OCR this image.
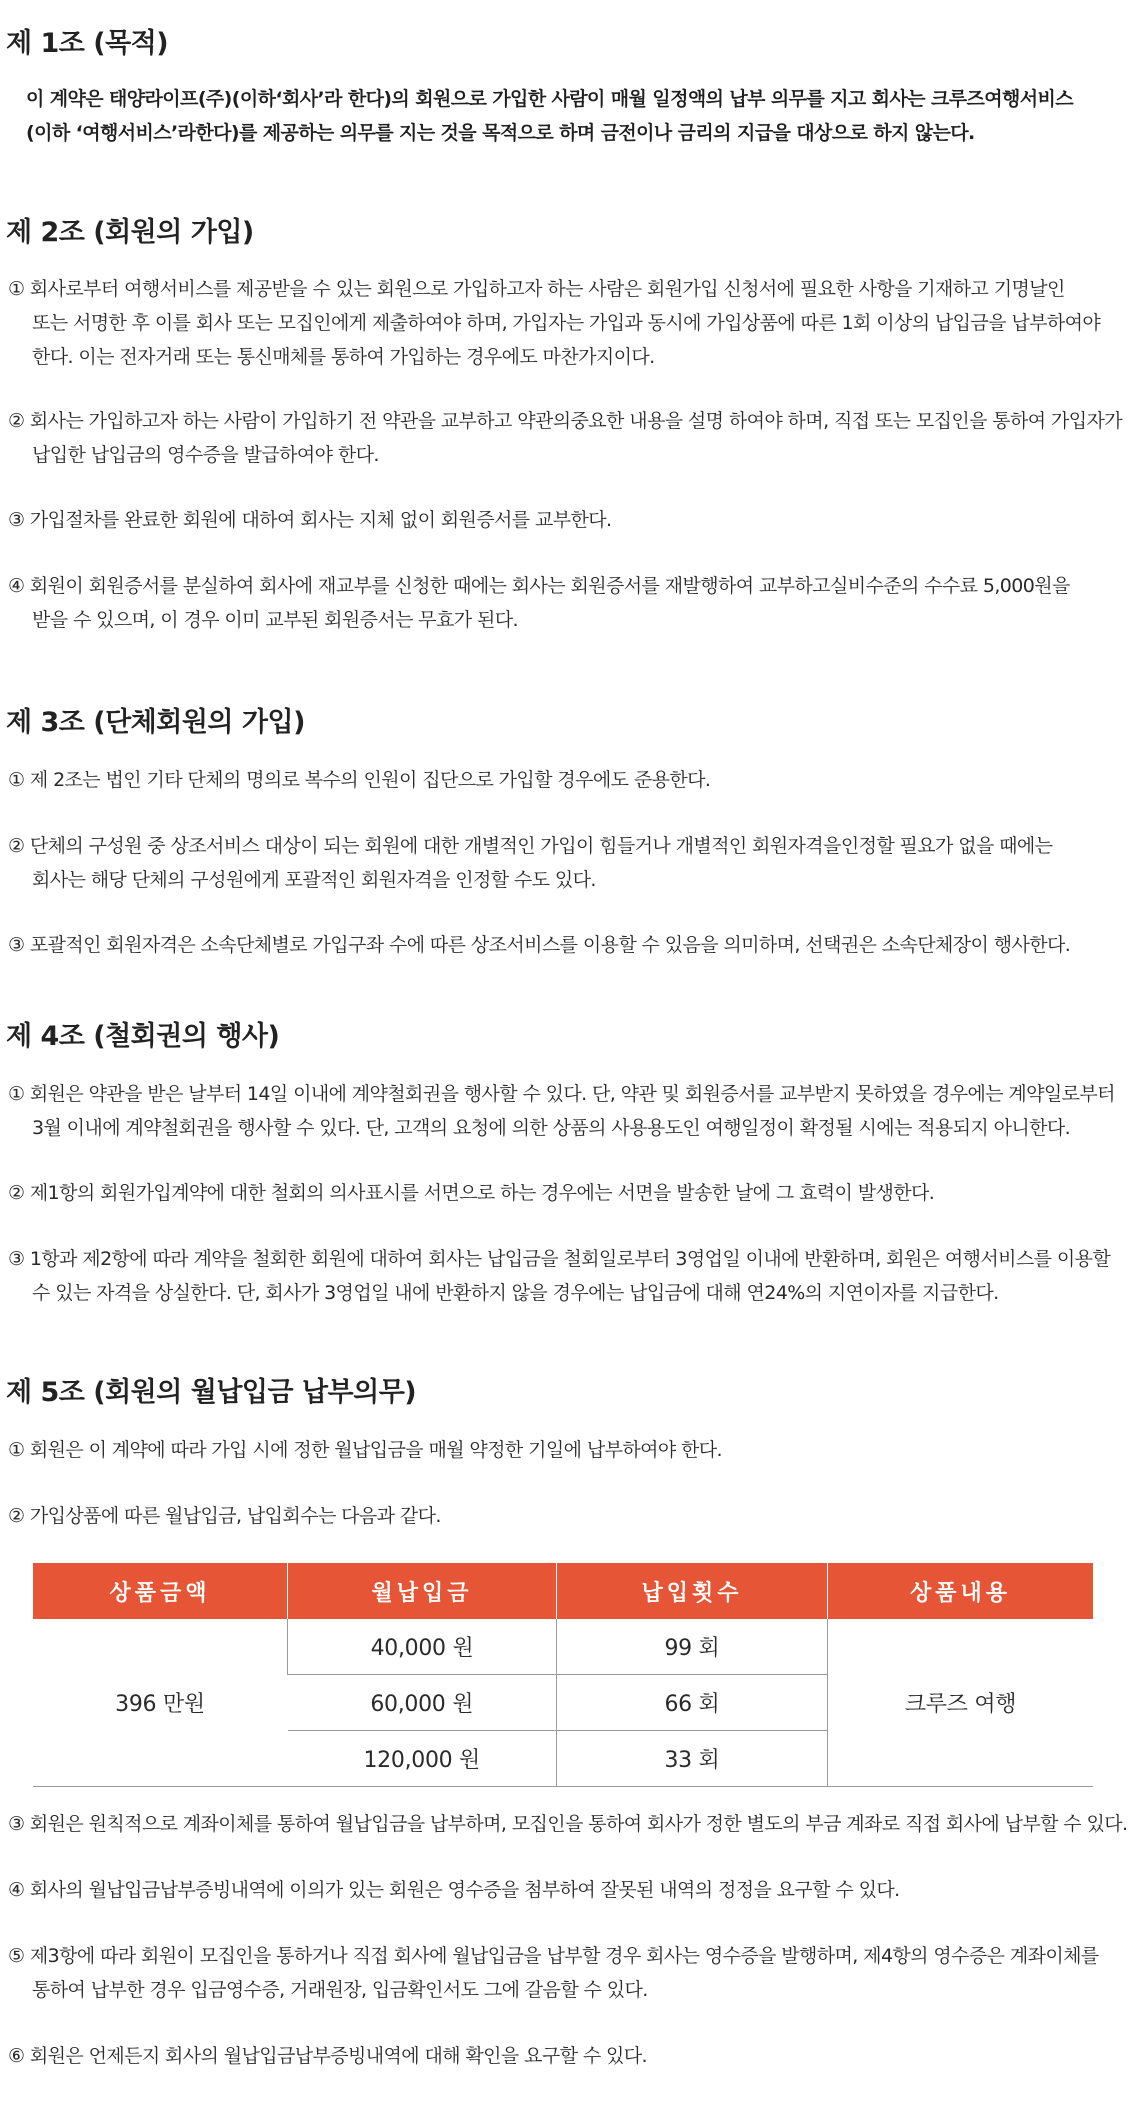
제 1조 (목적)
이 계약은 태양라이프(주)(이하‘회사’라 한다)의 회원으로 가입한 사람이 매월 일정액의 납부 의무를 지고 회사는 크루즈여행서비스
(이하 ‘여행서비스’라한다)를 제공하는 의무를 지는 것을 목적으로 하며 금전이나 금리의 지급을 대상으로 하지 않는다.
제 2조 (회원의 가입)
① 회사로부터 여행서비스를 제공받을 수 있는 회원으로 가입하고자 하는 사람은 회원가입 신청서에 필요한 사항을 기재하고 기명날인
또는 서명한 후 이를 회사 또는 모집인에게 제출하여야 하며, 가입자는 가입과 동시에 가입상품에 따른 1회 이상의 납입금을 납부하여야
한다. 이는 전자거래 또는 통신매체를 통하여 가입하는 경우에도 마찬가지이다.
② 회사는 가입하고자 하는 사람이 가입하기 전 약관을 교부하고 약관의중요한 내용을 설명 하여야 하며, 직접 또는 모집인을 통하여 가입자가
납입한 납입금의 영수증을 발급하여야 한다.
③ 가입절차를 완료한 회원에 대하여 회사는 지체 없이 회원증서를 교부한다.
④ 회원이 회원증서를 분실하여 회사에 재교부를 신청한 때에는 회사는 회원증서를 재발행하여 교부하고실비수준의 수수료 5,000원을
받을 수 있으며, 이 경우 이미 교부된 회원증서는 무효가 된다.
제 3조 (단체회원의 가입)
① 제 2조는 법인 기타 단체의 명의로 복수의 인원이 집단으로 가입할 경우에도 준용한다.
② 단체의 구성원 중 상조서비스 대상이 되는 회원에 대한 개별적인 가입이 힘들거나 개별적인 회원자격을인정할 필요가 없을 때에는
회사는 해당 단체의 구성원에게 포괄적인 회원자격을 인정할 수도 있다.
③ 포괄적인 회원자격은 소속단체별로 가입구좌 수에 따른 상조서비스를 이용할 수 있음을 의미하며, 선택권은 소속단체장이 행사한다.
제 4조 (철회권의 행사)
① 회원은 약관을 받은 날부터 14일 이내에 계약철회권을 행사할 수 있다. 단, 약관 및 회원증서를 교부받지 못하였을 경우에는 계약일로부터
3월 이내에 계약철회권을 행사할 수 있다. 단, 고객의 요청에 의한 상품의 사용용도인 여행일정이 확정될 시에는 적용되지 아니한다.
② 제1항의 회원가입계약에 대한 철회의 의사표시를 서면으로 하는 경우에는 서면을 발송한 날에 그 효력이 발생한다.
③ 1항과 제2항에 따라 계약을 철회한 회원에 대하여 회사는 납입금을 철회일로부터 3영업일 이내에 반환하며, 회원은 여행서비스를 이용할
수 있는 자격을 상실한다. 단, 회사가 3영업일 내에 반환하지 않을 경우에는 납입금에 대해 연24%의 지연이자를 지급한다.
제 5조 (회원의 월납입금 납부의무)
① 회원은 이 계약에 따라 가입 시에 정한 월납입금을 매월 약정한 기일에 납부하여야 한다.
② 가입상품에 따른 월납입금, 납입회수는 다음과 같다.
상품금액	월납입금	납입횟수	상품내용
396 만원	40,000 원	99 회	크루즈 여행
	60,000 원	66 회	
	120,000 원	33 회	
③ 회원은 원칙적으로 계좌이체를 통하여 월납입금을 납부하며, 모집인을 통하여 회사가 정한 별도의 부금 계좌로 직접 회사에 납부할 수 있다.
④ 회사의 월납입금납부증빙내역에 이의가 있는 회원은 영수증을 첨부하여 잘못된 내역의 정정을 요구할 수 있다.
⑤ 제3항에 따라 회원이 모집인을 통하거나 직접 회사에 월납입금을 납부할 경우 회사는 영수증을 발행하며, 제4항의 영수증은 계좌이체를
통하여 납부한 경우 입금영수증, 거래원장, 입금확인서도 그에 갈음할 수 있다.
⑥ 회원은 언제든지 회사의 월납입금납부증빙내역에 대해 확인을 요구할 수 있다.
